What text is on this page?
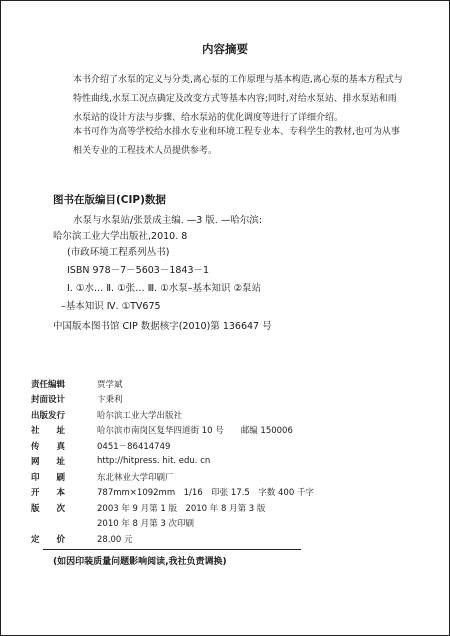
内容摘要

本书介绍了水泵的定义与分类,离心泵的工作原理与基本构造,离心泵的基本方程式与特性曲线,水泵工况点确定及改变方式等基本内容;同时,对给水泵站、排水泵站和雨水泵站的设计方法与步骤、给水泵站的优化调度等进行了详细介绍。

本书可作为高等学校给水排水专业和环境工程专业本、专科学生的教材,也可为从事相关专业的工程技术人员提供参考。

图书在版编目(CIP)数据
水泵与水泵站/张景成主编. —3 版. —哈尔滨:
哈尔滨工业大学出版社,2010. 8
(市政环境工程系列丛书)
ISBN 978－7－5603－1843－1
Ⅰ. ①水… Ⅱ. ①张… Ⅲ. ①水泵–基本知识 ②泵站
–基本知识 Ⅳ. ①TV675
中国版本图书馆 CIP 数据核字(2010)第 136647 号
责任编辑	贾学斌
封面设计	卞秉利
出版发行	哈尔滨工业大学出版社
社　　址	哈尔滨市南岗区复华四道街 10 号　　邮编 150006
传　　真	0451－86414749
网　　址	http://hitpress. hit. edu. cn
印　　刷	东北林业大学印刷厂
开　　本	787mm×1092mm　1/16　印张 17.5　字数 400 千字
版　　次	2003 年 9 月第 1 版　2010 年 8 月第 3 版
	2010 年 8 月第 3 次印刷
定　　价	28.00 元
(如因印装质量问题影响阅读,我社负责调换)
